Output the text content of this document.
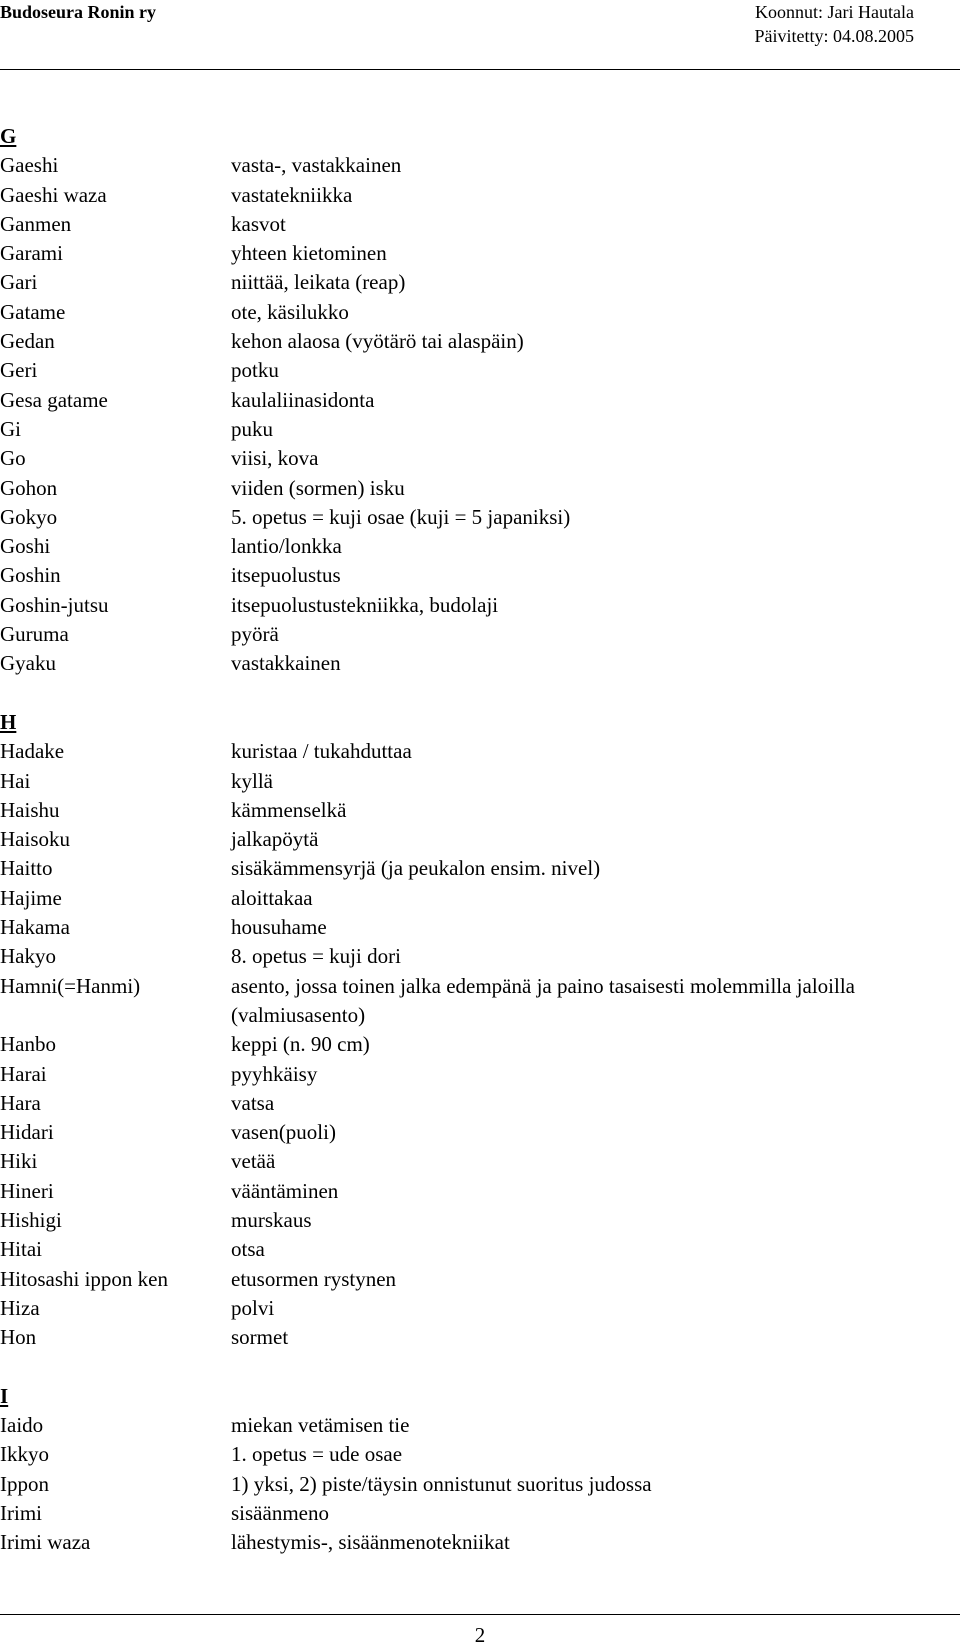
Budoseura Ronin ry	Koonnut: Jari Hautala
Päivitetty: 04.08.2005
G
Gaeshi	vasta-, vastakkainen
Gaeshi waza	vastatekniikka
Ganmen	kasvot
Garami	yhteen kietominen
Gari	niittää, leikata (reap)
Gatame	ote, käsilukko
Gedan	kehon alaosa (vyötärö tai alaspäin)
Geri	potku
Gesa gatame	kaulaliinasidonta
Gi	puku
Go	viisi, kova
Gohon	viiden (sormen) isku
Gokyo	5. opetus = kuji osae (kuji = 5 japaniksi)
Goshi	lantio/lonkka
Goshin	itsepuolustus
Goshin-jutsu	itsepuolustustekniikka, budolaji
Guruma	pyörä
Gyaku	vastakkainen
H
Hadake	kuristaa / tukahduttaa
Hai	kyllä
Haishu	kämmenselkä
Haisoku	jalkapöytä
Haitto	sisäkämmensyrjä (ja peukalon ensim. nivel)
Hajime	aloittakaa
Hakama	housuhame
Hakyo	8. opetus = kuji dori
Hamni(=Hanmi)	asento, jossa toinen jalka edempänä ja paino tasaisesti molemmilla jaloilla (valmiusasento)
Hanbo	keppi (n. 90 cm)
Harai	pyyhkäisy
Hara	vatsa
Hidari	vasen(puoli)
Hiki	vetää
Hineri	vääntäminen
Hishigi	murskaus
Hitai	otsa
Hitosashi ippon ken	etusormen rystynen
Hiza	polvi
Hon	sormet
I
Iaido	miekan vetämisen tie
Ikkyo	1. opetus = ude osae
Ippon	1) yksi, 2) piste/täysin onnistunut suoritus judossa
Irimi	sisäänmeno
Irimi waza	lähestymis-, sisäänmenotekniikat
2
